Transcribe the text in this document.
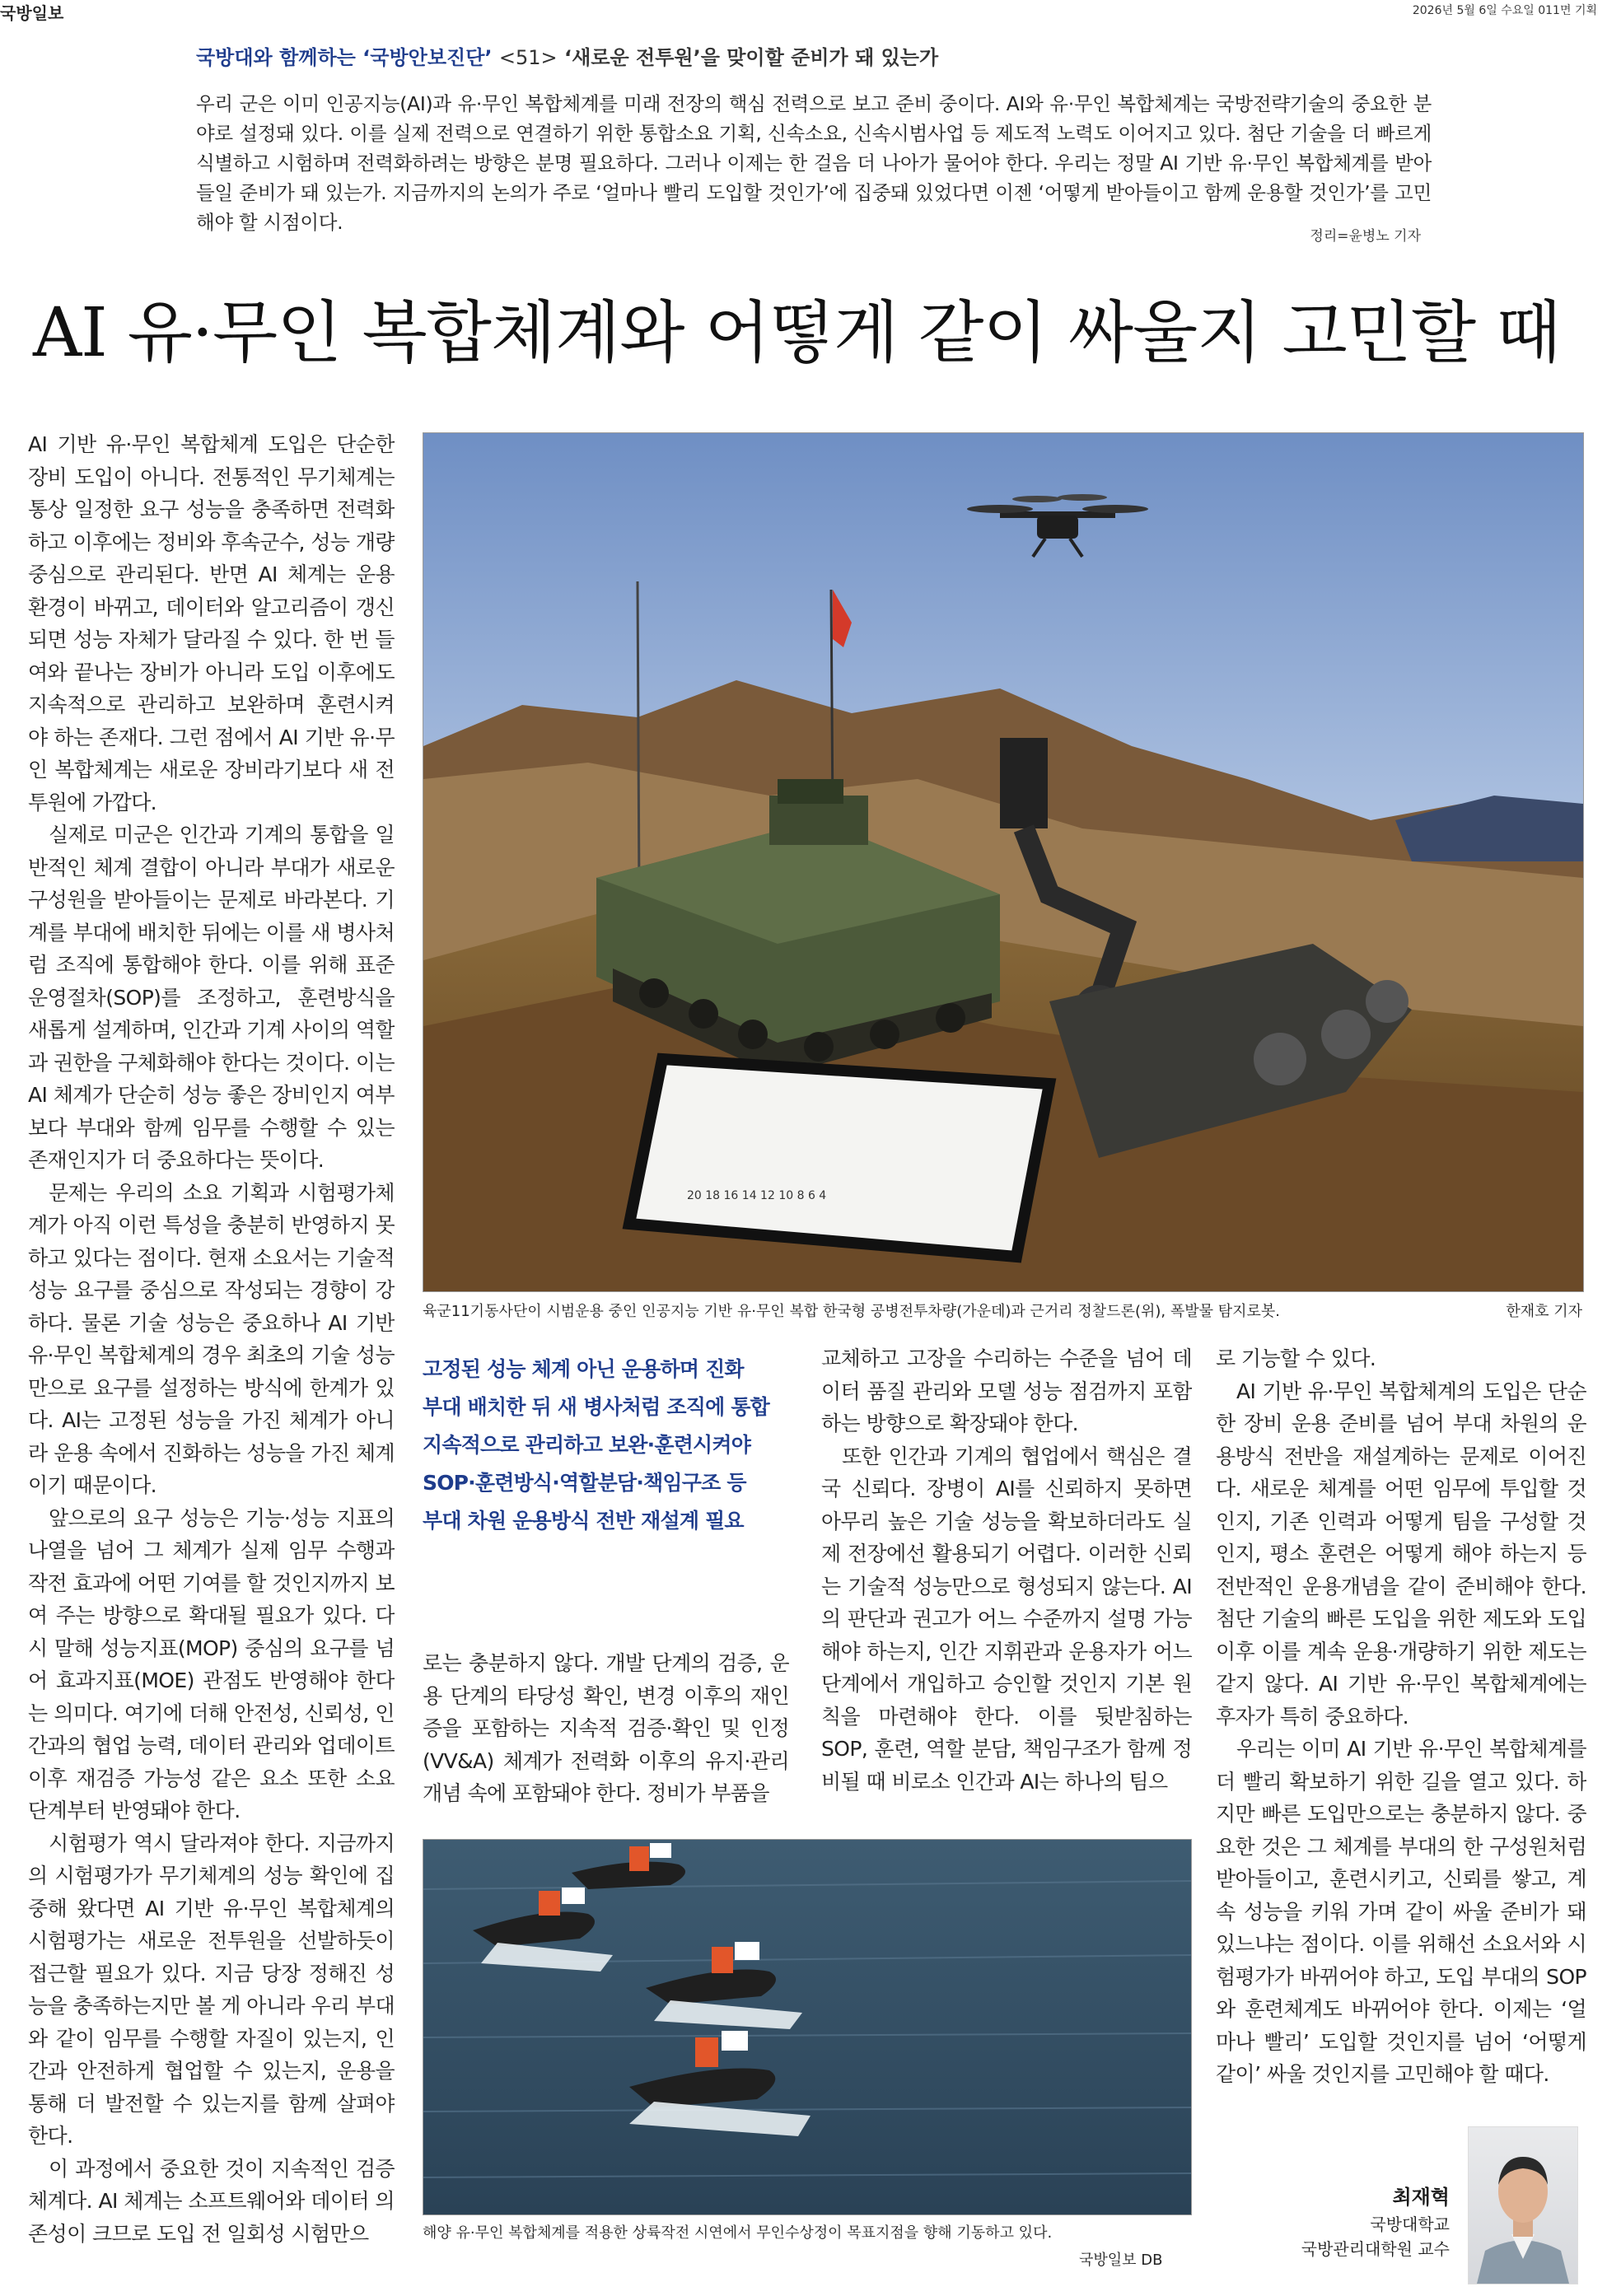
국방일보	2026년 5월 6일 수요일 011면 기획
국방대와 함께하는 ‘국방안보진단’ <51> ‘새로운 전투원’을 맞이할 준비가 돼 있는가
우리 군은 이미 인공지능(AI)과 유·무인 복합체계를 미래 전장의 핵심 전력으로 보고 준비 중이다. AI와 유·무인 복합체계는 국방전략기술의 중요한 분야로 설정돼 있다. 이를 실제 전력으로 연결하기 위한 통합소요 기획, 신속소요, 신속시범사업 등 제도적 노력도 이어지고 있다. 첨단 기술을 더 빠르게 식별하고 시험하며 전력화하려는 방향은 분명 필요하다. 그러나 이제는 한 걸음 더 나아가 물어야 한다. 우리는 정말 AI 기반 유·무인 복합체계를 받아들일 준비가 돼 있는가. 지금까지의 논의가 주로 ‘얼마나 빨리 도입할 것인가’에 집중돼 있었다면 이젠 ‘어떻게 받아들이고 함께 운용할 것인가’를 고민해야 할 시점이다.
정리=윤병노 기자
AI 유·무인 복합체계와 어떻게 같이 싸울지 고민할 때

AI 기반 유·무인 복합체계 도입은 단순한 장비 도입이 아니다. 전통적인 무기체계는 통상 일정한 요구 성능을 충족하면 전력화하고 이후에는 정비와 후속군수, 성능 개량 중심으로 관리된다. 반면 AI 체계는 운용 환경이 바뀌고, 데이터와 알고리즘이 갱신되면 성능 자체가 달라질 수 있다. 한 번 들여와 끝나는 장비가 아니라 도입 이후에도 지속적으로 관리하고 보완하며 훈련시켜야 하는 존재다. 그런 점에서 AI 기반 유·무인 복합체계는 새로운 장비라기보다 새 전투원에 가깝다.

실제로 미군은 인간과 기계의 통합을 일반적인 체계 결합이 아니라 부대가 새로운 구성원을 받아들이는 문제로 바라본다. 기계를 부대에 배치한 뒤에는 이를 새 병사처럼 조직에 통합해야 한다. 이를 위해 표준운영절차(SOP)를 조정하고, 훈련방식을 새롭게 설계하며, 인간과 기계 사이의 역할과 권한을 구체화해야 한다는 것이다. 이는 AI 체계가 단순히 성능 좋은 장비인지 여부보다 부대와 함께 임무를 수행할 수 있는 존재인지가 더 중요하다는 뜻이다.

문제는 우리의 소요 기획과 시험평가체계가 아직 이런 특성을 충분히 반영하지 못하고 있다는 점이다. 현재 소요서는 기술적 성능 요구를 중심으로 작성되는 경향이 강하다. 물론 기술 성능은 중요하나 AI 기반 유·무인 복합체계의 경우 최초의 기술 성능만으로 요구를 설정하는 방식에 한계가 있다. AI는 고정된 성능을 가진 체계가 아니라 운용 속에서 진화하는 성능을 가진 체계이기 때문이다.

앞으로의 요구 성능은 기능·성능 지표의 나열을 넘어 그 체계가 실제 임무 수행과 작전 효과에 어떤 기여를 할 것인지까지 보여 주는 방향으로 확대될 필요가 있다. 다시 말해 성능지표(MOP) 중심의 요구를 넘어 효과지표(MOE) 관점도 반영해야 한다는 의미다. 여기에 더해 안전성, 신뢰성, 인간과의 협업 능력, 데이터 관리와 업데이트 이후 재검증 가능성 같은 요소 또한 소요 단계부터 반영돼야 한다.

시험평가 역시 달라져야 한다. 지금까지의 시험평가가 무기체계의 성능 확인에 집중해 왔다면 AI 기반 유·무인 복합체계의 시험평가는 새로운 전투원을 선발하듯이 접근할 필요가 있다. 지금 당장 정해진 성능을 충족하는지만 볼 게 아니라 우리 부대와 같이 임무를 수행할 자질이 있는지, 인간과 안전하게 협업할 수 있는지, 운용을 통해 더 발전할 수 있는지를 함께 살펴야 한다.

이 과정에서 중요한 것이 지속적인 검증체계다. AI 체계는 소프트웨어와 데이터 의존성이 크므로 도입 전 일회성 시험만으

20 18 16 14 12 10 8 6 4
육군11기동사단이 시범운용 중인 인공지능 기반 유·무인 복합 한국형 공병전투차량(가운데)과 근거리 정찰드론(위), 폭발물 탐지로봇.	한재호 기자
고정된 성능 체계 아닌 운용하며 진화
부대 배치한 뒤 새 병사처럼 조직에 통합
지속적으로 관리하고 보완·훈련시켜야
SOP·훈련방식·역할분담·책임구조 등
부대 차원 운용방식 전반 재설계 필요

로는 충분하지 않다. 개발 단계의 검증, 운용 단계의 타당성 확인, 변경 이후의 재인증을 포함하는 지속적 검증·확인 및 인정(VV&A) 체계가 전력화 이후의 유지·관리개념 속에 포함돼야 한다. 정비가 부품을

교체하고 고장을 수리하는 수준을 넘어 데이터 품질 관리와 모델 성능 점검까지 포함하는 방향으로 확장돼야 한다.

또한 인간과 기계의 협업에서 핵심은 결국 신뢰다. 장병이 AI를 신뢰하지 못하면 아무리 높은 기술 성능을 확보하더라도 실제 전장에선 활용되기 어렵다. 이러한 신뢰는 기술적 성능만으로 형성되지 않는다. AI의 판단과 권고가 어느 수준까지 설명 가능해야 하는지, 인간 지휘관과 운용자가 어느 단계에서 개입하고 승인할 것인지 기본 원칙을 마련해야 한다. 이를 뒷받침하는 SOP, 훈련, 역할 분담, 책임구조가 함께 정비될 때 비로소 인간과 AI는 하나의 팀으

로 기능할 수 있다.

AI 기반 유·무인 복합체계의 도입은 단순한 장비 운용 준비를 넘어 부대 차원의 운용방식 전반을 재설계하는 문제로 이어진다. 새로운 체계를 어떤 임무에 투입할 것인지, 기존 인력과 어떻게 팀을 구성할 것인지, 평소 훈련은 어떻게 해야 하는지 등 전반적인 운용개념을 같이 준비해야 한다. 첨단 기술의 빠른 도입을 위한 제도와 도입 이후 이를 계속 운용·개량하기 위한 제도는 같지 않다. AI 기반 유·무인 복합체계에는 후자가 특히 중요하다.

우리는 이미 AI 기반 유·무인 복합체계를 더 빨리 확보하기 위한 길을 열고 있다. 하지만 빠른 도입만으로는 충분하지 않다. 중요한 것은 그 체계를 부대의 한 구성원처럼 받아들이고, 훈련시키고, 신뢰를 쌓고, 계속 성능을 키워 가며 같이 싸울 준비가 돼 있느냐는 점이다. 이를 위해선 소요서와 시험평가가 바뀌어야 하고, 도입 부대의 SOP와 훈련체계도 바뀌어야 한다. 이제는 ‘얼마나 빨리’ 도입할 것인지를 넘어 ‘어떻게 같이’ 싸울 것인지를 고민해야 할 때다.

해양 유·무인 복합체계를 적용한 상륙작전 시연에서 무인수상정이 목표지점을 향해 기동하고 있다.
국방일보 DB
최재혁
국방대학교
국방관리대학원 교수
